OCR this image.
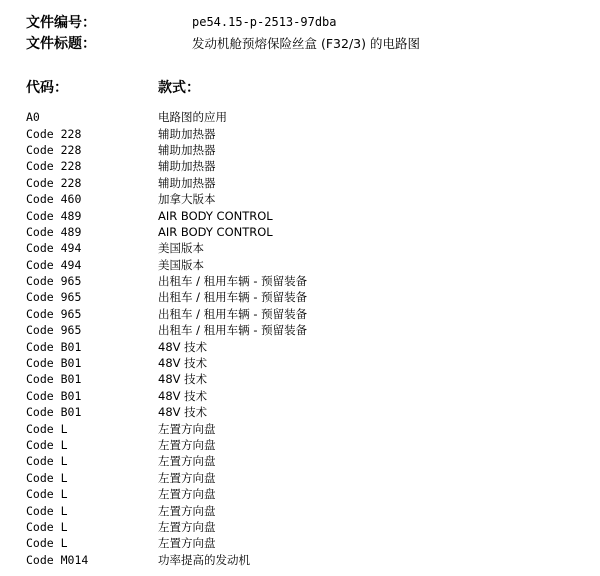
文件编号：	pe54.15-p-2513-97dba
文件标题：	发动机舱预熔保险丝盒 (F32/3) 的电路图
代码：	款式：
A0	电路图的应用
Code 228	辅助加热器
Code 228	辅助加热器
Code 228	辅助加热器
Code 228	辅助加热器
Code 460	加拿大版本
Code 489	AIR BODY CONTROL
Code 489	AIR BODY CONTROL
Code 494	美国版本
Code 494	美国版本
Code 965	出租车 / 租用车辆 - 预留装备
Code 965	出租车 / 租用车辆 - 预留装备
Code 965	出租车 / 租用车辆 - 预留装备
Code 965	出租车 / 租用车辆 - 预留装备
Code B01	48V 技术
Code B01	48V 技术
Code B01	48V 技术
Code B01	48V 技术
Code B01	48V 技术
Code L	左置方向盘
Code L	左置方向盘
Code L	左置方向盘
Code L	左置方向盘
Code L	左置方向盘
Code L	左置方向盘
Code L	左置方向盘
Code L	左置方向盘
Code M014	功率提高的发动机
